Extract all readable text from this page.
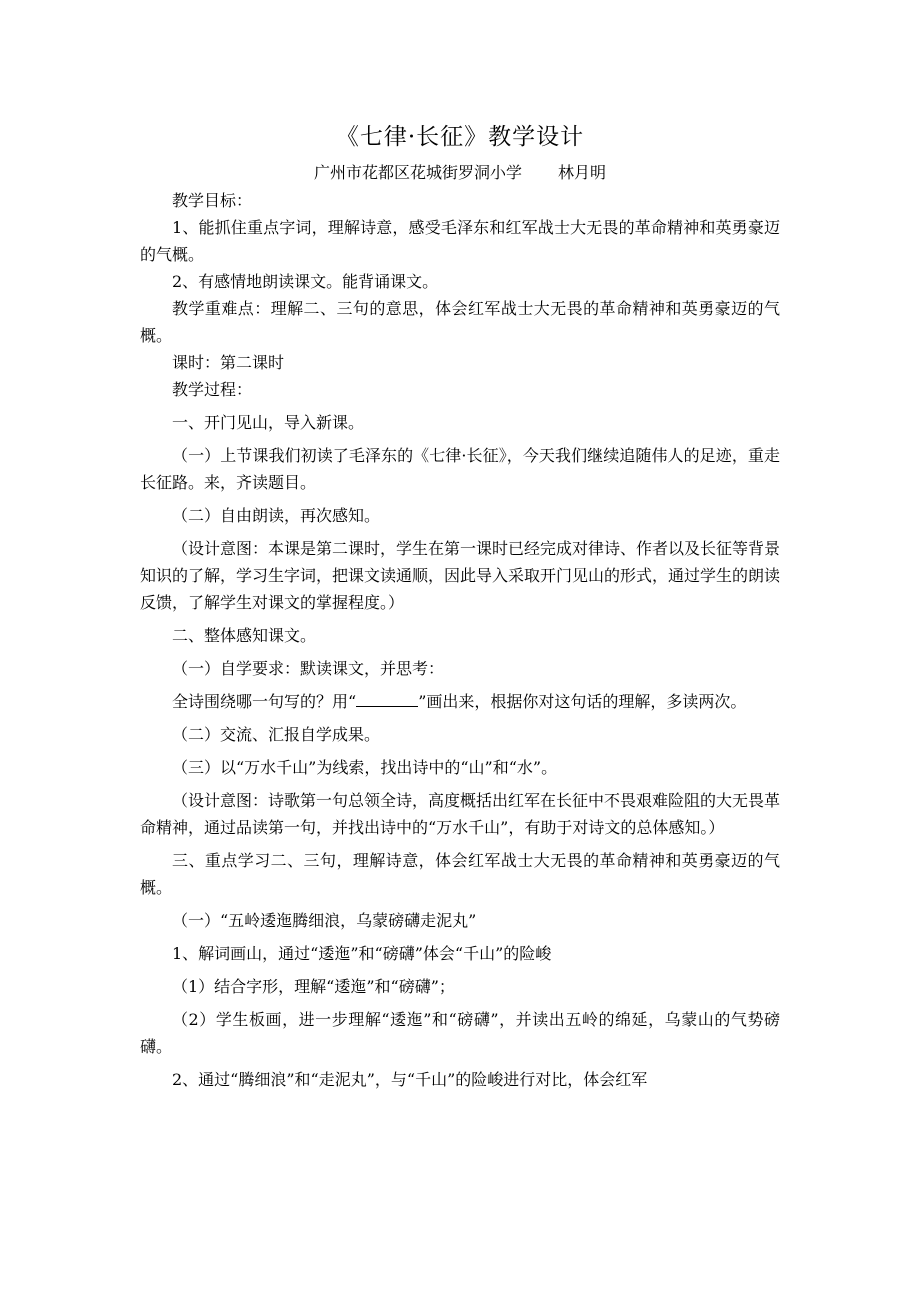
《七律·长征》教学设计
广州市花都区花城街罗洞小学 林月明

教学目标：

1、能抓住重点字词，理解诗意，感受毛泽东和红军战士大无畏的革命精神和英勇豪迈的气概。

2、有感情地朗读课文。能背诵课文。

教学重难点：理解二、三句的意思，体会红军战士大无畏的革命精神和英勇豪迈的气概。

课时：第二课时

教学过程：

一、开门见山，导入新课。

（一）上节课我们初读了毛泽东的《七律·长征》，今天我们继续追随伟人的足迹，重走长征路。来，齐读题目。

（二）自由朗读，再次感知。

（设计意图：本课是第二课时，学生在第一课时已经完成对律诗、作者以及长征等背景知识的了解，学习生字词，把课文读通顺，因此导入采取开门见山的形式，通过学生的朗读反馈，了解学生对课文的掌握程度。）

二、整体感知课文。

（一）自学要求：默读课文，并思考：

全诗围绕哪一句写的？用“	”画出来，根据你对这句话的理解，多读两次。

（二）交流、汇报自学成果。

（三）以“万水千山”为线索，找出诗中的“山”和“水”。

（设计意图：诗歌第一句总领全诗，高度概括出红军在长征中不畏艰难险阻的大无畏革命精神，通过品读第一句，并找出诗中的“万水千山”，有助于对诗文的总体感知。）

三、重点学习二、三句，理解诗意，体会红军战士大无畏的革命精神和英勇豪迈的气概。

（一）“五岭逶迤腾细浪，乌蒙磅礴走泥丸”

1、解词画山，通过“逶迤”和“磅礴”体会“千山”的险峻

（1）结合字形，理解“逶迤”和“磅礴”；

（2）学生板画，进一步理解“逶迤”和“磅礴”，并读出五岭的绵延，乌蒙山的气势磅礴。

2、通过“腾细浪”和“走泥丸”，与“千山”的险峻进行对比，体会红军
